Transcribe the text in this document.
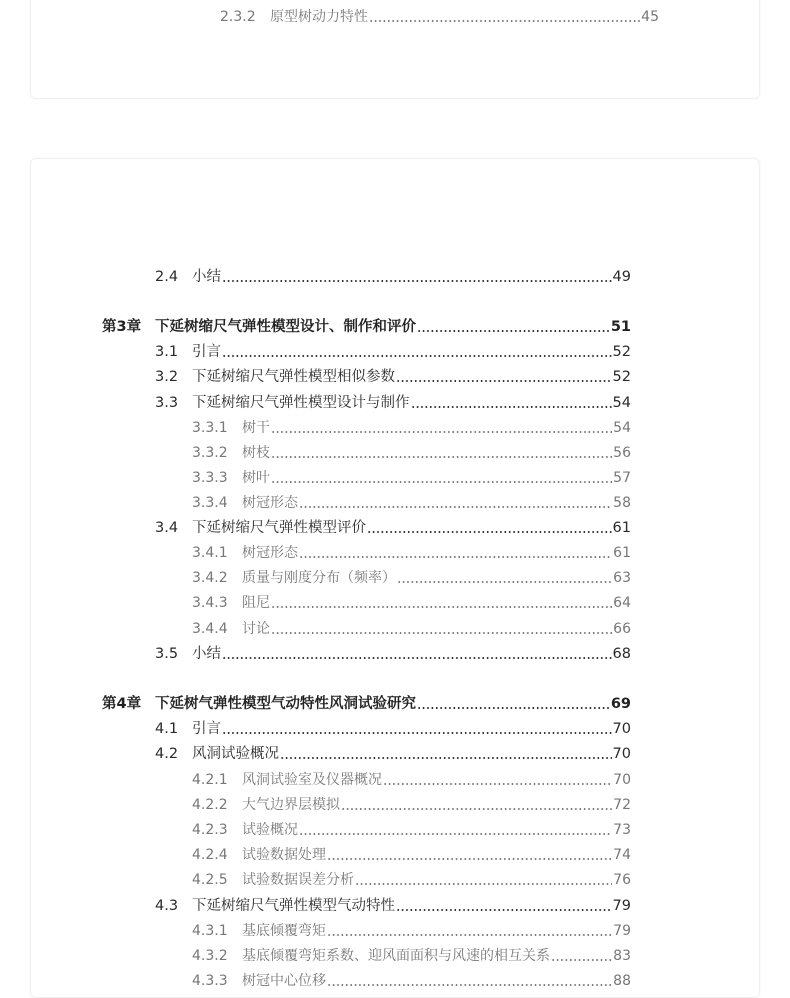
2.3.2	原型树动力特性	45
2.4 小结	49
第3章 下延树缩尺气弹性模型设计、制作和评价	51
3.1 引言	52
3.2 下延树缩尺气弹性模型相似参数	52
3.3 下延树缩尺气弹性模型设计与制作	54
3.3.1	树干	54
3.3.2	树枝	56
3.3.3	树叶	57
3.3.4	树冠形态	58
3.4 下延树缩尺气弹性模型评价	61
3.4.1	树冠形态	61
3.4.2	质量与刚度分布（频率）	63
3.4.3	阻尼	64
3.4.4	讨论	66
3.5 小结	68
第4章 下延树气弹性模型气动特性风洞试验研究	69
4.1 引言	70
4.2 风洞试验概况	70
4.2.1	风洞试验室及仪器概况	70
4.2.2	大气边界层模拟	72
4.2.3	试验概况	73
4.2.4	试验数据处理	74
4.2.5	试验数据误差分析	76
4.3 下延树缩尺气弹性模型气动特性	79
4.3.1	基底倾覆弯矩	79
4.3.2	基底倾覆弯矩系数、迎风面面积与风速的相互关系	83
4.3.3	树冠中心位移	88
